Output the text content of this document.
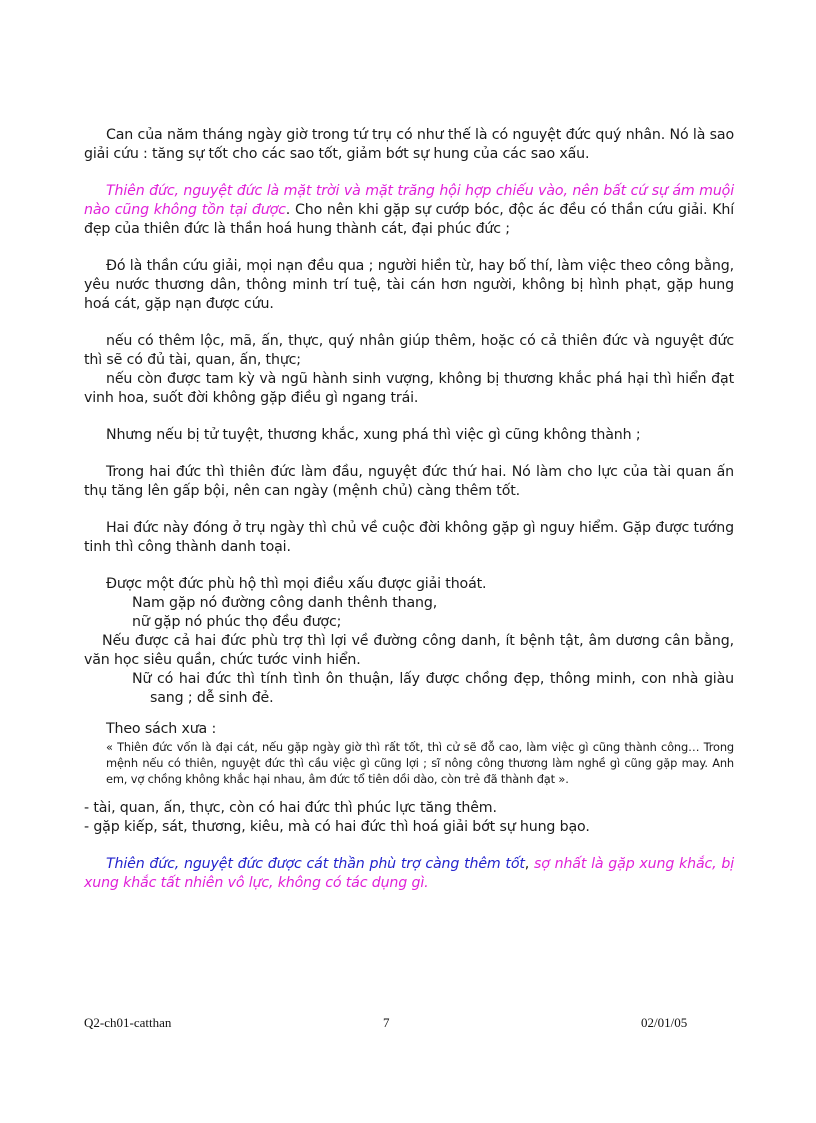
Can của năm tháng ngày giờ trong tứ trụ có như thế là có nguyệt đức quý nhân. Nó là sao giải cứu : tăng sự tốt cho các sao tốt, giảm bớt sự hung của các sao xấu.

Thiên đức, nguyệt đức là mặt trời và mặt trăng hội hợp chiếu vào, nên bất cứ sự ám muội nào cũng không tồn tại được. Cho nên khi gặp sự cướp bóc, độc ác đều có thần cứu giải. Khí đẹp của thiên đức là thần hoá hung thành cát, đại phúc đức ;

Đó là thần cứu giải, mọi nạn đều qua ; người hiền từ, hay bố thí, làm việc theo công bằng, yêu nước thương dân, thông minh trí tuệ, tài cán hơn người, không bị hình phạt, gặp hung hoá cát, gặp nạn được cứu.

nếu có thêm lộc, mã, ấn, thực, quý nhân giúp thêm, hoặc có cả thiên đức và nguyệt đức thì sẽ có đủ tài, quan, ấn, thực;

nếu còn được tam kỳ và ngũ hành sinh vượng, không bị thương khắc phá hại thì hiển đạt vinh hoa, suốt đời không gặp điều gì ngang trái.

Nhưng nếu bị tử tuyệt, thương khắc, xung phá thì việc gì cũng không thành ;

Trong hai đức thì thiên đức làm đầu, nguyệt đức thứ hai. Nó làm cho lực của tài quan ấn thụ tăng lên gấp bội, nên can ngày (mệnh chủ) càng thêm tốt.

Hai đức này đóng ở trụ ngày thì chủ về cuộc đời không gặp gì nguy hiểm. Gặp được tướng tinh thì công thành danh toại.

Được một đức phù hộ thì mọi điều xấu được giải thoát.

Nam gặp nó đường công danh thênh thang,

nữ gặp nó phúc thọ đều được;

Nếu được cả hai đức phù trợ thì lợi về đường công danh, ít bệnh tật, âm dương cân bằng, văn học siêu quần, chức tước vinh hiển.

Nữ có hai đức thì tính tình ôn thuận, lấy được chồng đẹp, thông minh, con nhà giàu sang ; dễ sinh đẻ.

Theo sách xưa :

« Thiên đức vốn là đại cát, nếu gặp ngày giờ thì rất tốt, thì cử sẽ đỗ cao, làm việc gì cũng thành công… Trong mệnh nếu có thiên, nguyệt đức thì cầu việc gì cũng lợi ; sĩ nông công thương làm nghề gì cũng gặp may. Anh em, vợ chồng không khắc hại nhau, âm đức tổ tiên dồi dào, còn trẻ đã thành đạt ».

- tài, quan, ấn, thực, còn có hai đức thì phúc lực tăng thêm.

- gặp kiếp, sát, thương, kiêu, mà có hai đức thì hoá giải bớt sự hung bạo.

Thiên đức, nguyệt đức được cát thần phù trợ càng thêm tốt, sợ nhất là gặp xung khắc, bị xung khắc tất nhiên vô lực, không có tác dụng gì.

Q2-ch01-catthan	7	02/01/05
